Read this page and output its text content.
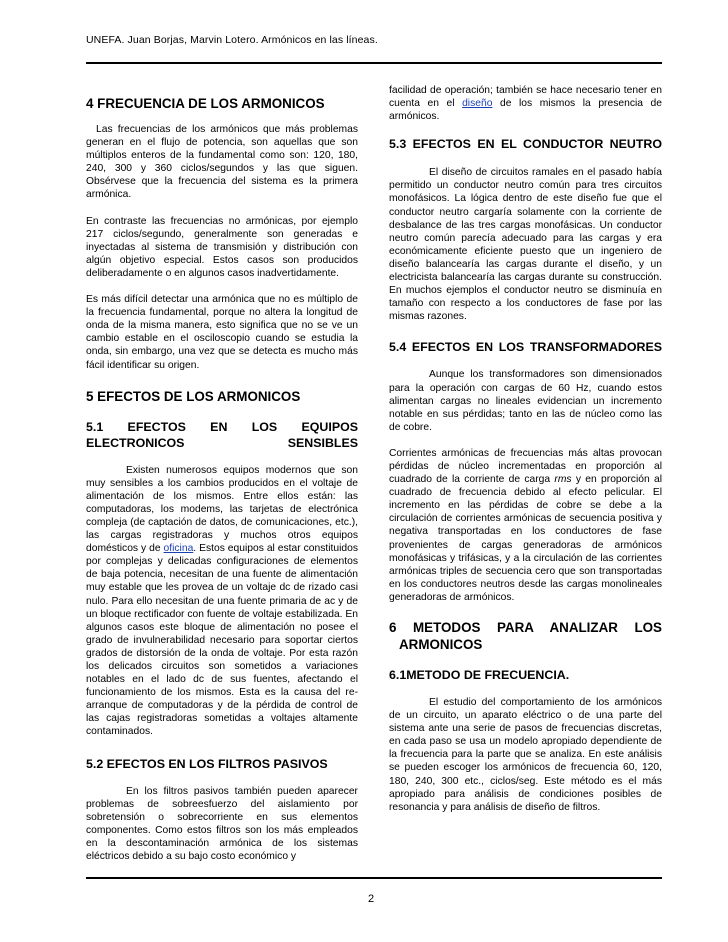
UNEFA. Juan Borjas, Marvin Lotero. Armónicos en las líneas.
4 FRECUENCIA DE LOS ARMONICOS

Las frecuencias de los armónicos que más problemas generan en el flujo de potencia, son aquellas que son múltiplos enteros de la fundamental como son: 120, 180, 240, 300 y 360 ciclos/segundos y las que siguen. Obsérvese que la frecuencia del sistema es la primera armónica.

En contraste las frecuencias no armónicas, por ejemplo 217 ciclos/segundo, generalmente son generadas e inyectadas al sistema de transmisión y distribución con algún objetivo especial. Estos casos son producidos deliberadamente o en algunos casos inadvertidamente.

Es más difícil detectar una armónica que no es múltiplo de la frecuencia fundamental, porque no altera la longitud de onda de la misma manera, esto significa que no se ve un cambio estable en el osciloscopio cuando se estudia la onda, sin embargo, una vez que se detecta es mucho más fácil identificar su origen.

5 EFECTOS DE LOS ARMONICOS
5.1 EFECTOS EN LOS EQUIPOS ELECTRONICOS SENSIBLES

Existen numerosos equipos modernos que son muy sensibles a los cambios producidos en el voltaje de alimentación de los mismos. Entre ellos están: las computadoras, los modems, las tarjetas de electrónica compleja (de captación de datos, de comunicaciones, etc.), las cargas registradoras y muchos otros equipos domésticos y de oficina. Estos equipos al estar constituidos por complejas y delicadas configuraciones de elementos de baja potencia, necesitan de una fuente de alimentación muy estable que les provea de un voltaje dc de rizado casi nulo. Para ello necesitan de una fuente primaria de ac y de un bloque rectificador con fuente de voltaje estabilizada. En algunos casos este bloque de alimentación no posee el grado de invulnerabilidad necesario para soportar ciertos grados de distorsión de la onda de voltaje. Por esta razón los delicados circuitos son sometidos a variaciones notables en el lado dc de sus fuentes, afectando el funcionamiento de los mismos. Esta es la causa del re-arranque de computadoras y de la pérdida de control de las cajas registradoras sometidas a voltajes altamente contaminados.

5.2 EFECTOS EN LOS FILTROS PASIVOS

En los filtros pasivos también pueden aparecer problemas de sobreesfuerzo del aislamiento por sobretensión o sobrecorriente en sus elementos componentes. Como estos filtros son los más empleados en la descontaminación armónica de los sistemas eléctricos debido a su bajo costo económico y

facilidad de operación; también se hace necesario tener en cuenta en el diseño de los mismos la presencia de armónicos.

5.3 EFECTOS EN EL CONDUCTOR NEUTRO

El diseño de circuitos ramales en el pasado había permitido un conductor neutro común para tres circuitos monofásicos. La lógica dentro de este diseño fue que el conductor neutro cargaría solamente con la corriente de desbalance de las tres cargas monofásicas. Un conductor neutro común parecía adecuado para las cargas y era económicamente eficiente puesto que un ingeniero de diseño balancearía las cargas durante el diseño, y un electricista balancearía las cargas durante su construcción. En muchos ejemplos el conductor neutro se disminuía en tamaño con respecto a los conductores de fase por las mismas razones.

5.4 EFECTOS EN LOS TRANSFORMADORES

Aunque los transformadores son dimensionados para la operación con cargas de 60 Hz, cuando estos alimentan cargas no lineales evidencian un incremento notable en sus pérdidas; tanto en las de núcleo como las de cobre.

Corrientes armónicas de frecuencias más altas provocan pérdidas de núcleo incrementadas en proporción al cuadrado de la corriente de carga rms y en proporción al cuadrado de frecuencia debido al efecto pelicular. El incremento en las pérdidas de cobre se debe a la circulación de corrientes armónicas de secuencia positiva y negativa transportadas en los conductores de fase provenientes de cargas generadoras de armónicos monofásicas y trifásicas, y a la circulación de las corrientes armónicas triples de secuencia cero que son transportadas en los conductores neutros desde las cargas monolineales generadoras de armónicos.

6 METODOS PARA ANALIZAR LOS
ARMONICOS
6.1METODO DE FRECUENCIA.

El estudio del comportamiento de los armónicos de un circuito, un aparato eléctrico o de una parte del sistema ante una serie de pasos de frecuencias discretas, en cada paso se usa un modelo apropiado dependiente de la frecuencia para la parte que se analiza. En este análisis se pueden escoger los armónicos de frecuencia 60, 120, 180, 240, 300 etc., ciclos/seg. Este método es el más apropiado para análisis de condiciones posibles de resonancia y para análisis de diseño de filtros.

2
